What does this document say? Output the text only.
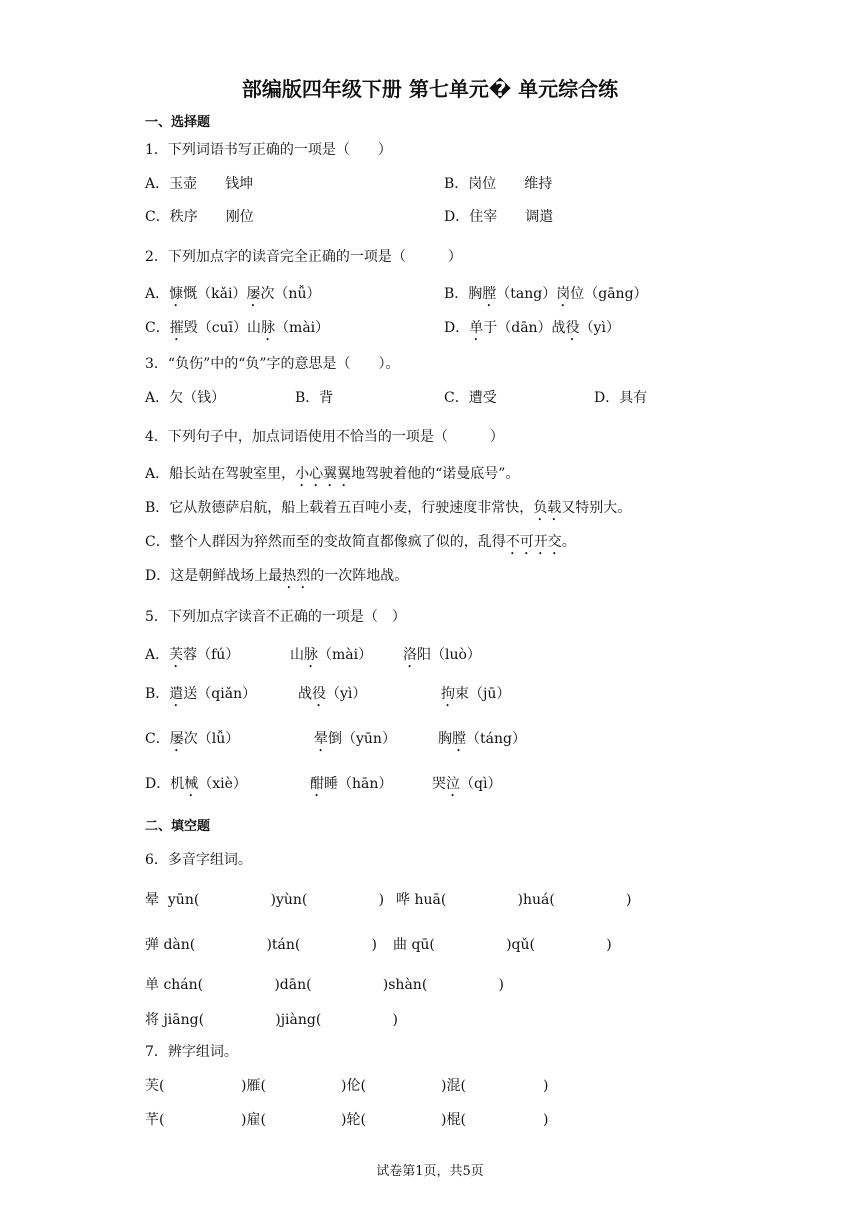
部编版四年级下册 第七单元� 单元综合练
一、选择题
1．下列词语书写正确的一项是（　　）
A．玉壶　　钱坤	B．岗位　　维持
C．秩序　　刚位	D．住宰　　调遣
2．下列加点字的读音完全正确的一项是（　　　）
A．慷慨（kǎi）屡次（nǚ）	B．胸膛（tang）岗位（gāng）
C．摧毁（cuī）山脉（mài）	D．单于（dān）战役（yì）
3．“负伤”中的“负”字的意思是（　　）。
A．欠（钱）	B．背	C．遭受	D．具有
4．下列句子中，加点词语使用不恰当的一项是（　　　）
A．船长站在驾驶室里，小心翼翼地驾驶着他的“诺曼底号”。
B．它从敖德萨启航，船上载着五百吨小麦，行驶速度非常快，负载又特别大。
C．整个人群因为猝然而至的变故简直都像疯了似的，乱得不可开交。
D．这是朝鲜战场上最热烈的一次阵地战。
5．下列加点字读音不正确的一项是（　）
A．芙蓉（fú）	山脉（mài） 洛阳（luò）
B．遣送（qiǎn）	战役（yì）	拘束（jū）
C．屡次（lǚ）	晕倒（yūn）	胸膛（táng）
D．机械（xiè）	酣睡（hān）	哭泣（qì）
二、填空题
6．多音字组词。
晕  yūn(                )yùn(                ) 哗 huā(                )huá(                )
弹 dàn(                )tán(                ) 曲 qū(                )qǔ(                )
单 chán(                )dān(                )shàn(                )
将 jiāng(                )jiàng(                )
7．辨字组词。
芙(	)雁(	)伦(	)混(	)
芊(	)雇(	)轮(	)棍(	)
试卷第1页，共5页
